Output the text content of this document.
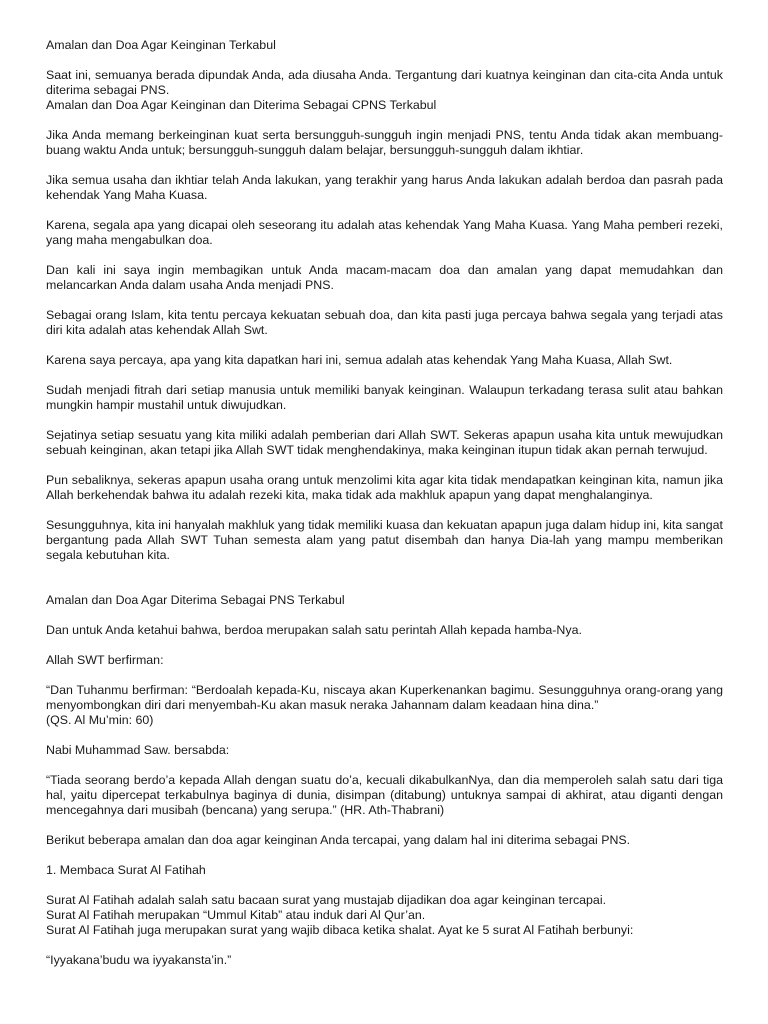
Amalan dan Doa Agar Keinginan Terkabul

Saat ini, semuanya berada dipundak Anda, ada diusaha Anda. Tergantung dari kuatnya keinginan dan cita-cita Anda untuk diterima sebagai PNS.

Amalan dan Doa Agar Keinginan dan Diterima Sebagai CPNS Terkabul

Jika Anda memang berkeinginan kuat serta bersungguh-sungguh ingin menjadi PNS, tentu Anda tidak akan membuang-buang waktu Anda untuk; bersungguh-sungguh dalam belajar, bersungguh-sungguh dalam ikhtiar.

Jika semua usaha dan ikhtiar telah Anda lakukan, yang terakhir yang harus Anda lakukan adalah berdoa dan pasrah pada kehendak Yang Maha Kuasa.

Karena, segala apa yang dicapai oleh seseorang itu adalah atas kehendak Yang Maha Kuasa. Yang Maha pemberi rezeki, yang maha mengabulkan doa.

Dan kali ini saya ingin membagikan untuk Anda macam-macam doa dan amalan yang dapat memudahkan dan melancarkan Anda dalam usaha Anda menjadi PNS.

Sebagai orang Islam, kita tentu percaya kekuatan sebuah doa, dan kita pasti juga percaya bahwa segala yang terjadi atas diri kita adalah atas kehendak Allah Swt.

Karena saya percaya, apa yang kita dapatkan hari ini, semua adalah atas kehendak Yang Maha Kuasa, Allah Swt.

Sudah menjadi fitrah dari setiap manusia untuk memiliki banyak keinginan. Walaupun terkadang terasa sulit atau bahkan mungkin hampir mustahil untuk diwujudkan.

Sejatinya setiap sesuatu yang kita miliki adalah pemberian dari Allah SWT. Sekeras apapun usaha kita untuk mewujudkan sebuah keinginan, akan tetapi jika Allah SWT tidak menghendakinya, maka keinginan itupun tidak akan pernah terwujud.

Pun sebaliknya, sekeras apapun usaha orang untuk menzolimi kita agar kita tidak mendapatkan keinginan kita, namun jika Allah berkehendak bahwa itu adalah rezeki kita, maka tidak ada makhluk apapun yang dapat menghalanginya.

Sesungguhnya, kita ini hanyalah makhluk yang tidak memiliki kuasa dan kekuatan apapun juga dalam hidup ini, kita sangat bergantung pada Allah SWT Tuhan semesta alam yang patut disembah dan hanya Dia-lah yang mampu memberikan segala kebutuhan kita.

Amalan dan Doa Agar Diterima Sebagai PNS Terkabul

Dan untuk Anda ketahui bahwa, berdoa merupakan salah satu perintah Allah kepada hamba-Nya.

Allah SWT berfirman:

“Dan Tuhanmu berfirman: “Berdoalah kepada-Ku, niscaya akan Kuperkenankan bagimu. Sesungguhnya orang-orang yang menyombongkan diri dari menyembah-Ku akan masuk neraka Jahannam dalam keadaan hina dina.”

(QS. Al Mu’min: 60)

Nabi Muhammad Saw. bersabda:

“Tiada seorang berdo’a kepada Allah dengan suatu do’a, kecuali dikabulkanNya, dan dia memperoleh salah satu dari tiga hal, yaitu dipercepat terkabulnya baginya di dunia, disimpan (ditabung) untuknya sampai di akhirat, atau diganti dengan mencegahnya dari musibah (bencana) yang serupa.” (HR. Ath-Thabrani)

Berikut beberapa amalan dan doa agar keinginan Anda tercapai, yang dalam hal ini diterima sebagai PNS.

1. Membaca Surat Al Fatihah

Surat Al Fatihah adalah salah satu bacaan surat yang mustajab dijadikan doa agar keinginan tercapai.

Surat Al Fatihah merupakan “Ummul Kitab” atau induk dari Al Qur’an.

Surat Al Fatihah juga merupakan surat yang wajib dibaca ketika shalat. Ayat ke 5 surat Al Fatihah berbunyi:

“Iyyakana’budu wa iyyakansta’in.”
